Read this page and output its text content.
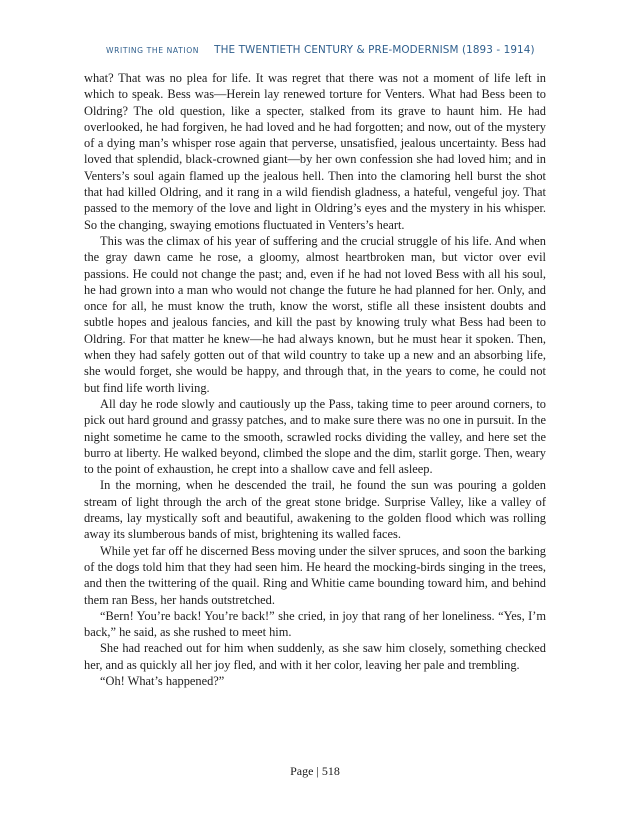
WRITING THE NATION THE TWENTIETH CENTURY & PRE-MODERNISM (1893 - 1914)

what? That was no plea for life. It was regret that there was not a moment of life left in which to speak. Bess was—Herein lay renewed torture for Venters. What had Bess been to Oldring? The old question, like a specter, stalked from its grave to haunt him. He had overlooked, he had forgiven, he had loved and he had forgotten; and now, out of the mystery of a dying man’s whisper rose again that perverse, unsatisfied, jealous uncertainty. Bess had loved that splendid, black-crowned giant—by her own confession she had loved him; and in Venters’s soul again flamed up the jealous hell. Then into the clamoring hell burst the shot that had killed Oldring, and it rang in a wild fiendish gladness, a hateful, vengeful joy. That passed to the memory of the love and light in Oldring’s eyes and the mystery in his whisper. So the changing, swaying emotions fluctuated in Venters’s heart.

This was the climax of his year of suffering and the crucial struggle of his life. And when the gray dawn came he rose, a gloomy, almost heartbroken man, but victor over evil passions. He could not change the past; and, even if he had not loved Bess with all his soul, he had grown into a man who would not change the future he had planned for her. Only, and once for all, he must know the truth, know the worst, stifle all these insistent doubts and subtle hopes and jealous fancies, and kill the past by knowing truly what Bess had been to Oldring. For that matter he knew—he had always known, but he must hear it spoken. Then, when they had safely gotten out of that wild country to take up a new and an absorbing life, she would forget, she would be happy, and through that, in the years to come, he could not but find life worth living.

All day he rode slowly and cautiously up the Pass, taking time to peer around corners, to pick out hard ground and grassy patches, and to make sure there was no one in pursuit. In the night sometime he came to the smooth, scrawled rocks dividing the valley, and here set the burro at liberty. He walked beyond, climbed the slope and the dim, starlit gorge. Then, weary to the point of exhaustion, he crept into a shallow cave and fell asleep.

In the morning, when he descended the trail, he found the sun was pouring a golden stream of light through the arch of the great stone bridge. Surprise Valley, like a valley of dreams, lay mystically soft and beautiful, awakening to the golden flood which was rolling away its slumberous bands of mist, brightening its walled faces.

While yet far off he discerned Bess moving under the silver spruces, and soon the barking of the dogs told him that they had seen him. He heard the mocking-birds singing in the trees, and then the twittering of the quail. Ring and Whitie came bounding toward him, and behind them ran Bess, her hands outstretched.

“Bern! You’re back! You’re back!” she cried, in joy that rang of her loneliness. “Yes, I’m back,” he said, as she rushed to meet him.

She had reached out for him when suddenly, as she saw him closely, something checked her, and as quickly all her joy fled, and with it her color, leaving her pale and trembling.

“Oh! What’s happened?”

Page | 518
